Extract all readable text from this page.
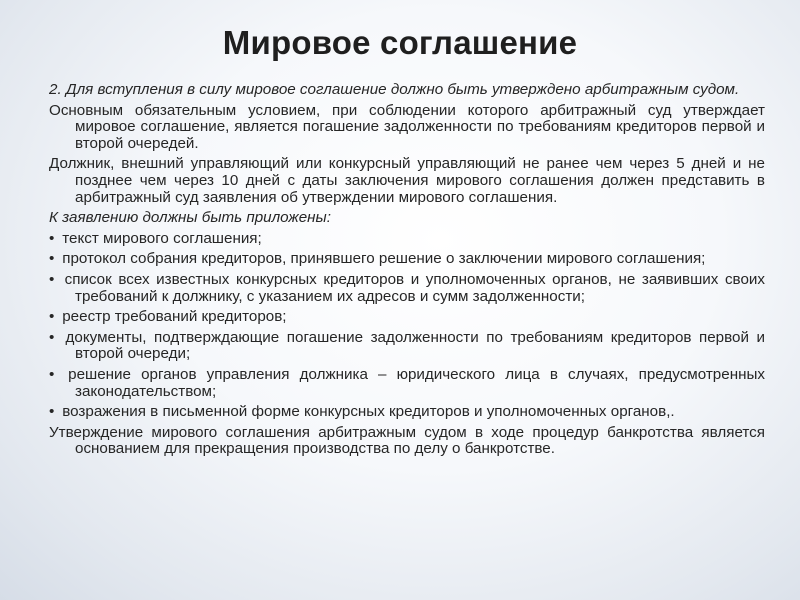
Мировое соглашение

2. Для вступления в силу мировое соглашение должно быть утверждено арбитражным судом.

Основным обязательным условием, при соблюдении которого арбитражный суд утверждает мировое соглашение, является погашение задолженности по требованиям кредиторов первой и второй очередей.

Должник, внешний управляющий или конкурсный управляющий не ранее чем через 5 дней и не позднее чем через 10 дней с даты заключения мирового соглашения должен представить в арбитражный суд заявления об утверждении мирового соглашения.

К заявлению должны быть приложены:

• текст мирового соглашения;
• протокол собрания кредиторов, принявшего решение о заключении мирового соглашения;
• список всех известных конкурсных кредиторов и уполномоченных органов, не заявивших своих требований к должнику, с указанием их адресов и сумм задолженности;
• реестр требований кредиторов;
• документы, подтверждающие погашение задолженности по требованиям кредиторов первой и второй очереди;
• решение органов управления должника – юридического лица в случаях, предусмотренных законодательством;
• возражения в письменной форме конкурсных кредиторов и уполномоченных органов,.

Утверждение мирового соглашения арбитражным судом в ходе процедур банкротства является основанием для прекращения производства по делу о банкротстве.
